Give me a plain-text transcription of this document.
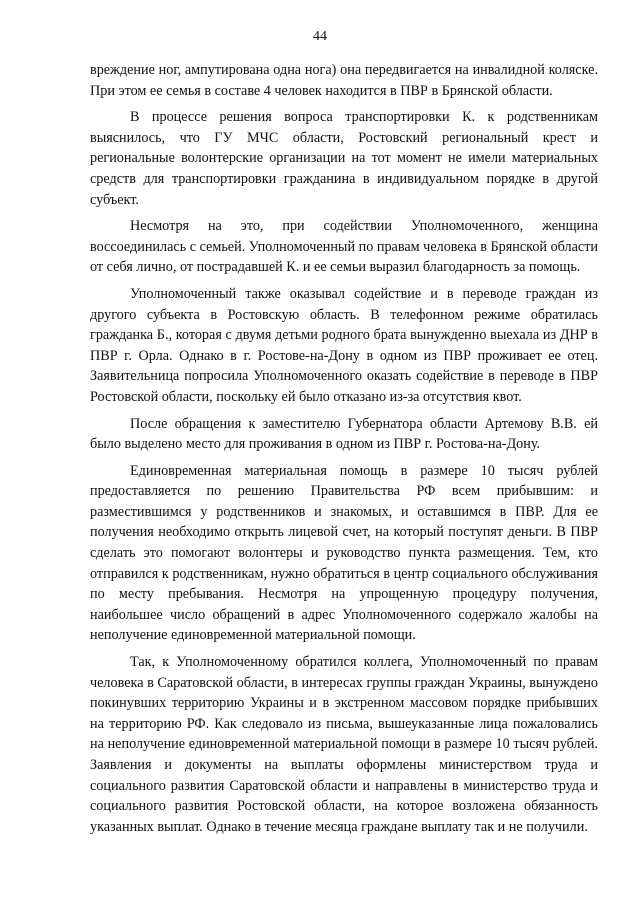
44

вреждение ног, ампутирована одна нога) она передвигается на инвалидной коляске. При этом ее семья в составе 4 человек находится в ПВР в Брянской области.

В процессе решения вопроса транспортировки К. к родственникам выяснилось, что ГУ МЧС области, Ростовский региональный крест и региональные волонтерские организации на тот момент не имели материальных средств для транспортировки гражданина в индивидуальном порядке в другой субъект.

Несмотря на это, при содействии Уполномоченного, женщина воссоединилась с семьей. Уполномоченный по правам человека в Брянской области от себя лично, от пострадавшей К. и ее семьи выразил благодарность за помощь.

Уполномоченный также оказывал содействие и в переводе граждан из другого субъекта в Ростовскую область. В телефонном режиме обратилась гражданка Б., которая с двумя детьми родного брата вынужденно выехала из ДНР в ПВР г. Орла. Однако в г. Ростове-на-Дону в одном из ПВР проживает ее отец. Заявительница попросила Уполномоченного оказать содействие в переводе в ПВР Ростовской области, поскольку ей было отказано из-за отсутствия квот.

После обращения к заместителю Губернатора области Артемову В.В. ей было выделено место для проживания в одном из ПВР г. Ростова-на-Дону.

Единовременная материальная помощь в размере 10 тысяч рублей предоставляется по решению Правительства РФ всем прибывшим: и разместившимся у родственников и знакомых, и оставшимся в ПВР. Для ее получения необходимо открыть лицевой счет, на который поступят деньги. В ПВР сделать это помогают волонтеры и руководство пункта размещения. Тем, кто отправился к родственникам, нужно обратиться в центр социального обслуживания по месту пребывания. Несмотря на упрощенную процедуру получения, наибольшее число обращений в адрес Уполномоченного содержало жалобы на неполучение единовременной материальной помощи.

Так, к Уполномоченному обратился коллега, Уполномоченный по правам человека в Саратовской области, в интересах группы граждан Украины, вынуждено покинувших территорию Украины и в экстренном массовом порядке прибывших на территорию РФ. Как следовало из письма, вышеуказанные лица пожаловались на неполучение единовременной материальной помощи в размере 10 тысяч рублей. Заявления и документы на выплаты оформлены министерством труда и социального развития Саратовской области и направлены в министерство труда и социального развития Ростовской области, на которое возложена обязанность указанных выплат. Однако в течение месяца граждане выплату так и не получили.
